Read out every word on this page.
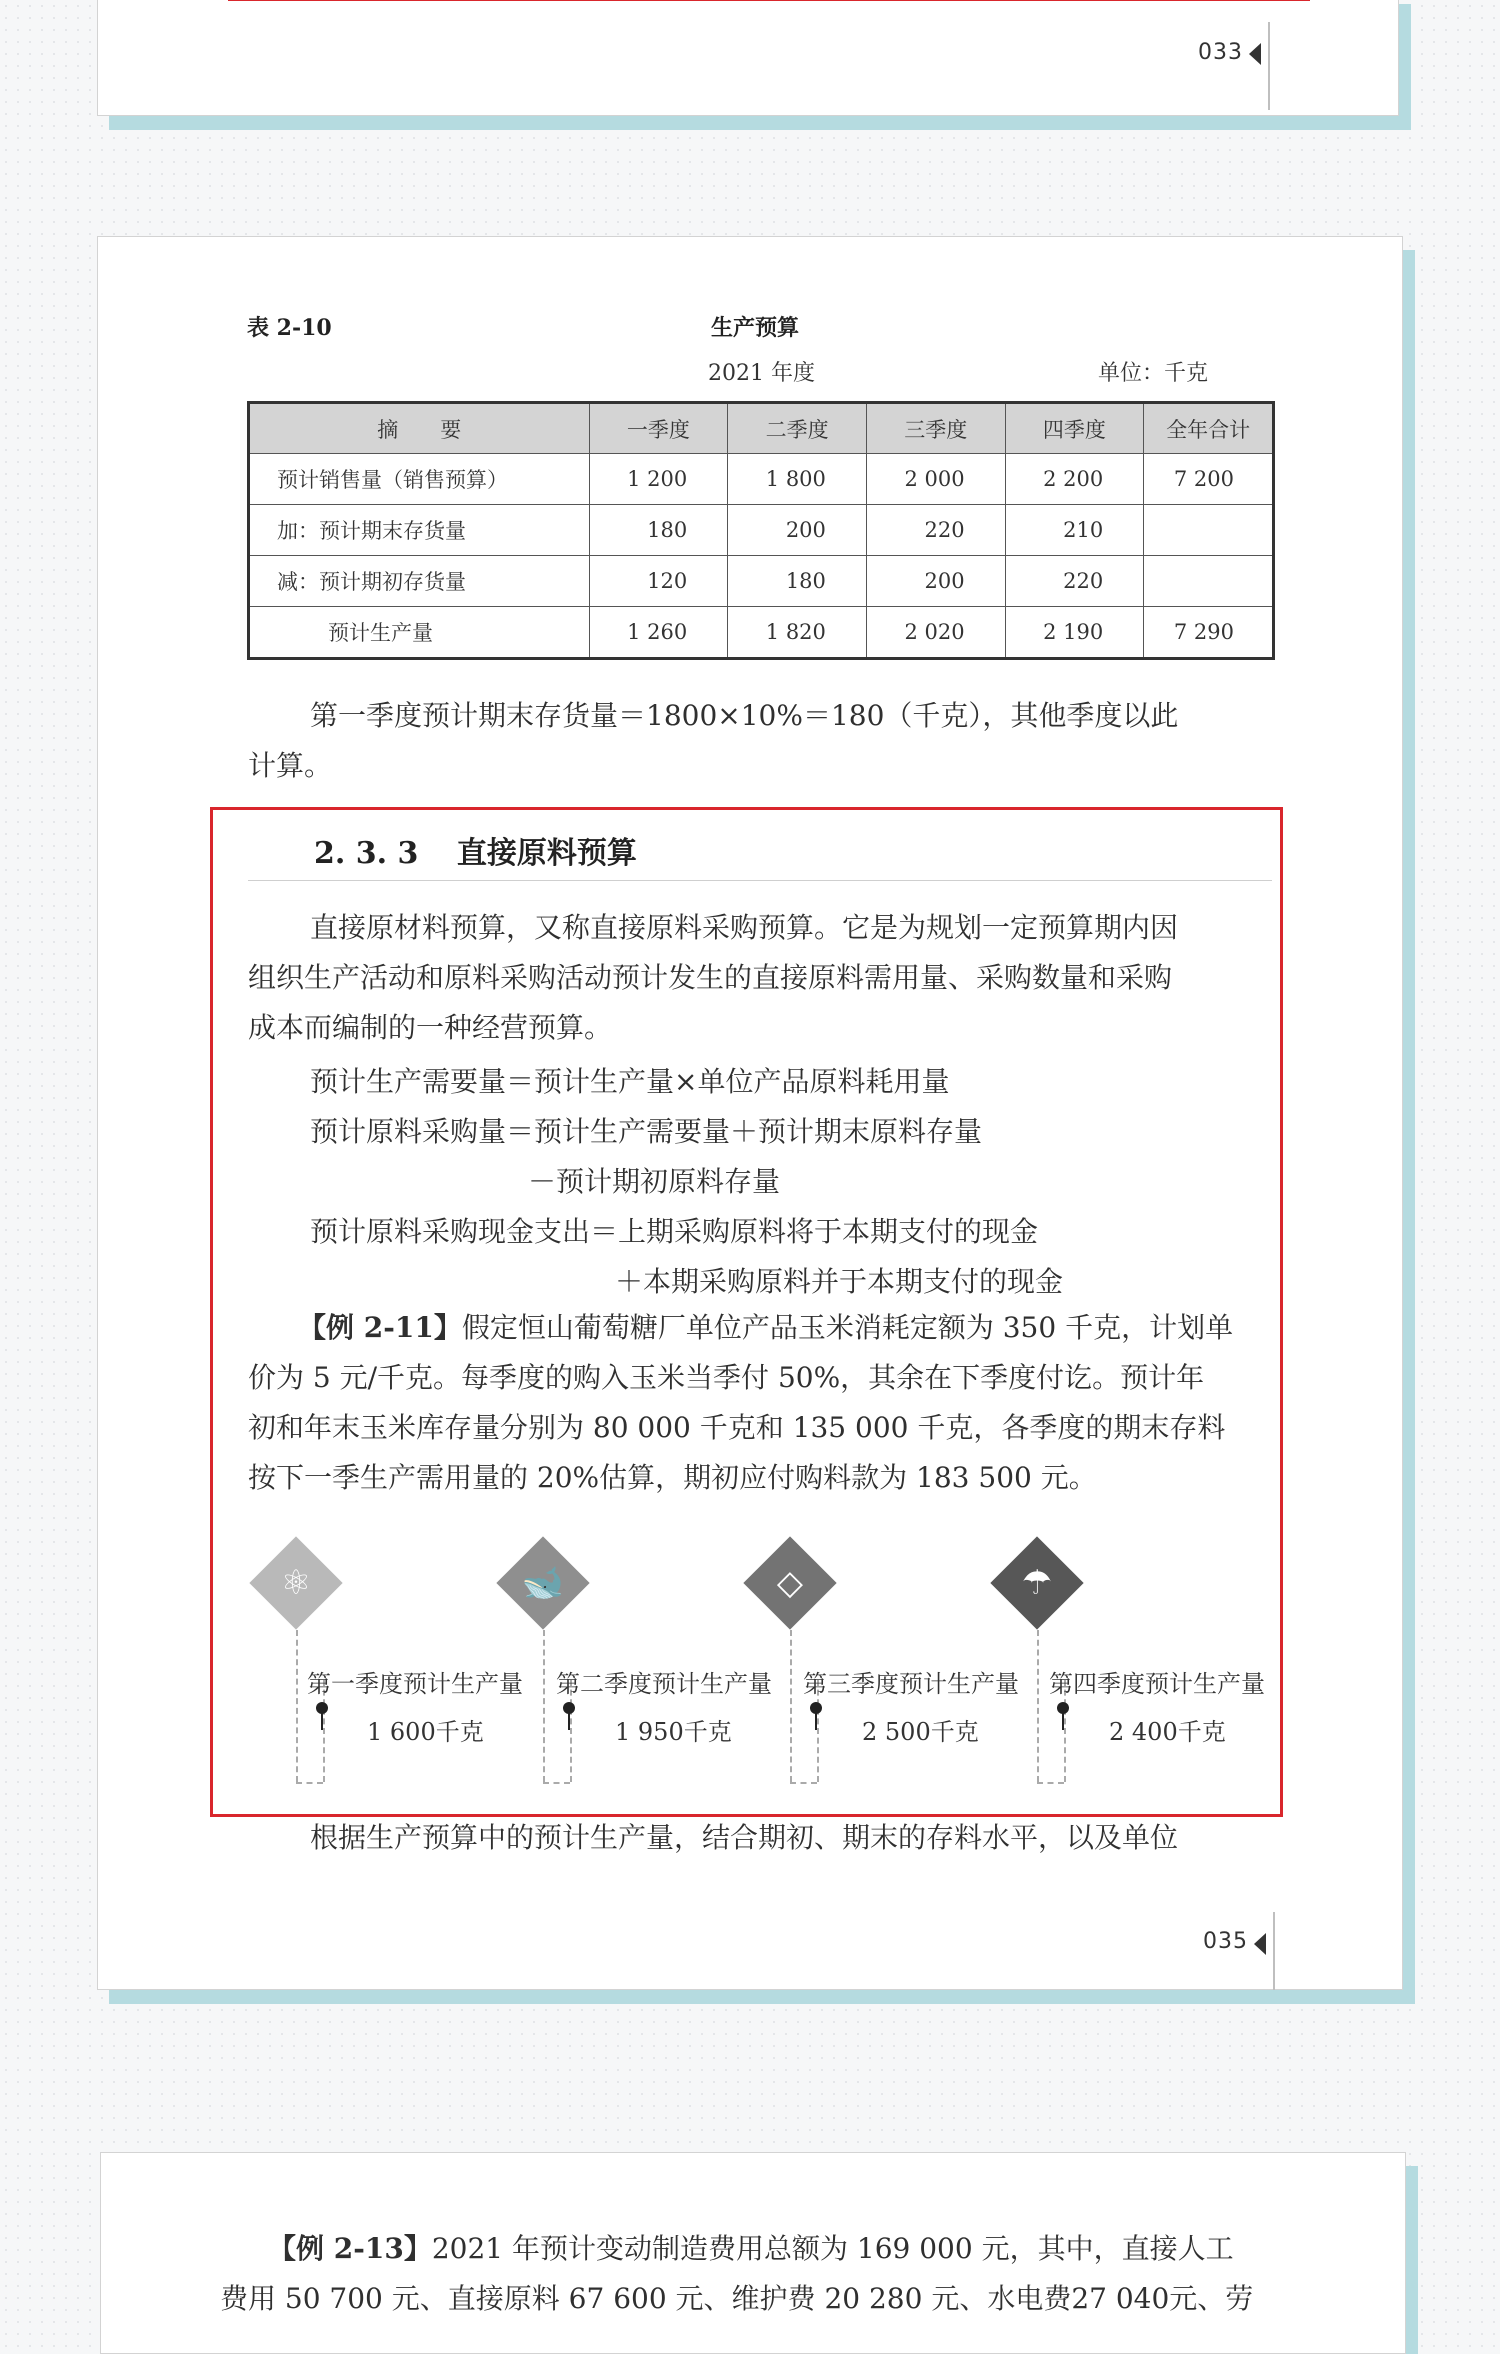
033
表 2-10	生产预算
2021 年度	单位：千克
摘　　要	一季度	二季度	三季度	四季度	全年合计
预计销售量（销售预算）	1 200	1 800	2 000	2 200	7 200
加：预计期末存货量	180	200	220	210	
减：预计期初存货量	120	180	200	220	
预计生产量	1 260	1 820	2 020	2 190	7 290
第一季度预计期末存货量＝1800×10%＝180（千克），其他季度以此
计算。
2. 3. 3 直接原料预算
直接原材料预算，又称直接原料采购预算。它是为规划一定预算期内因
组织生产活动和原料采购活动预计发生的直接原料需用量、采购数量和采购
成本而编制的一种经营预算。
预计生产需要量＝预计生产量×单位产品原料耗用量
预计原料采购量＝预计生产需要量＋预计期末原料存量
－预计期初原料存量
预计原料采购现金支出＝上期采购原料将于本期支付的现金
＋本期采购原料并于本期支付的现金
【例 2-11】假定恒山葡萄糖厂单位产品玉米消耗定额为 350 千克，计划单
价为 5 元/千克。每季度的购入玉米当季付 50%，其余在下季度付讫。预计年
初和年末玉米库存量分别为 80 000 千克和 135 000 千克，各季度的期末存料
按下一季生产需用量的 20%估算，期初应付购料款为 183 500 元。
⚛
第一季度预计生产量
1 600千克
🐋
第二季度预计生产量
1 950千克
◇
第三季度预计生产量
2 500千克
☂
第四季度预计生产量
2 400千克
根据生产预算中的预计生产量，结合期初、期末的存料水平，以及单位
035
【例 2-13】2021 年预计变动制造费用总额为 169 000 元，其中，直接人工
费用 50 700 元、直接原料 67 600 元、维护费 20 280 元、水电费27 040元、劳
